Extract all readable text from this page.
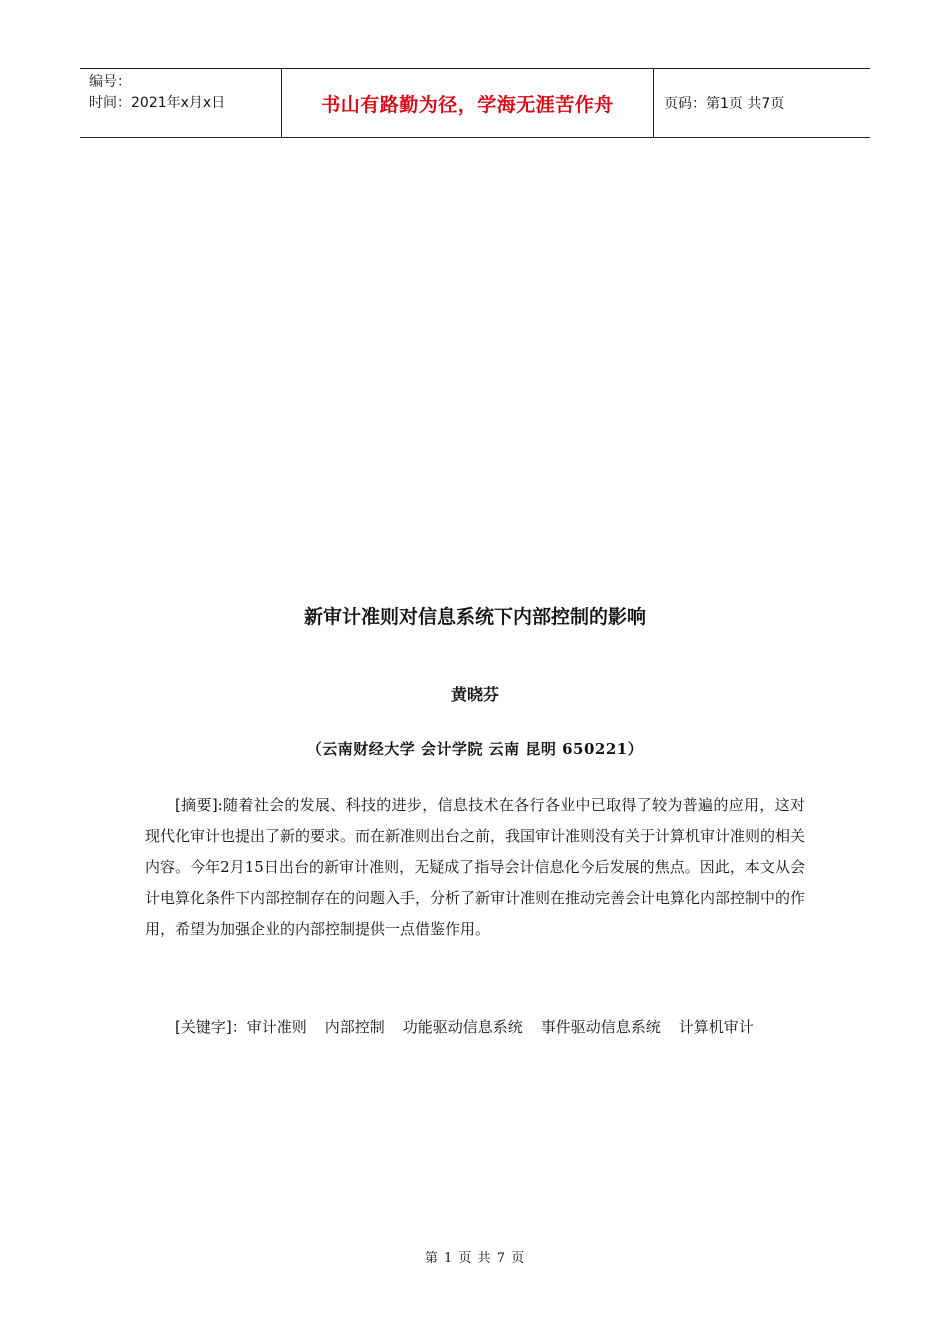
编号：
时间：2021年x月x日	书山有路勤为径，学海无涯苦作舟	页码：第1页 共7页
新审计准则对信息系统下内部控制的影响
黄晓芬
（云南财经大学 会计学院 云南 昆明 650221）
[摘要]:随着社会的发展、科技的进步，信息技术在各行各业中已取得了较为普遍的应用，这对现代化审计也提出了新的要求。而在新准则出台之前，我国审计准则没有关于计算机审计准则的相关内容。今年2月15日出台的新审计准则，无疑成了指导会计信息化今后发展的焦点。因此，本文从会计电算化条件下内部控制存在的问题入手，分析了新审计准则在推动完善会计电算化内部控制中的作用，希望为加强企业的内部控制提供一点借鉴作用。
[关键字]：审计准则 内部控制 功能驱动信息系统 事件驱动信息系统 计算机审计
第 1 页 共 7 页
